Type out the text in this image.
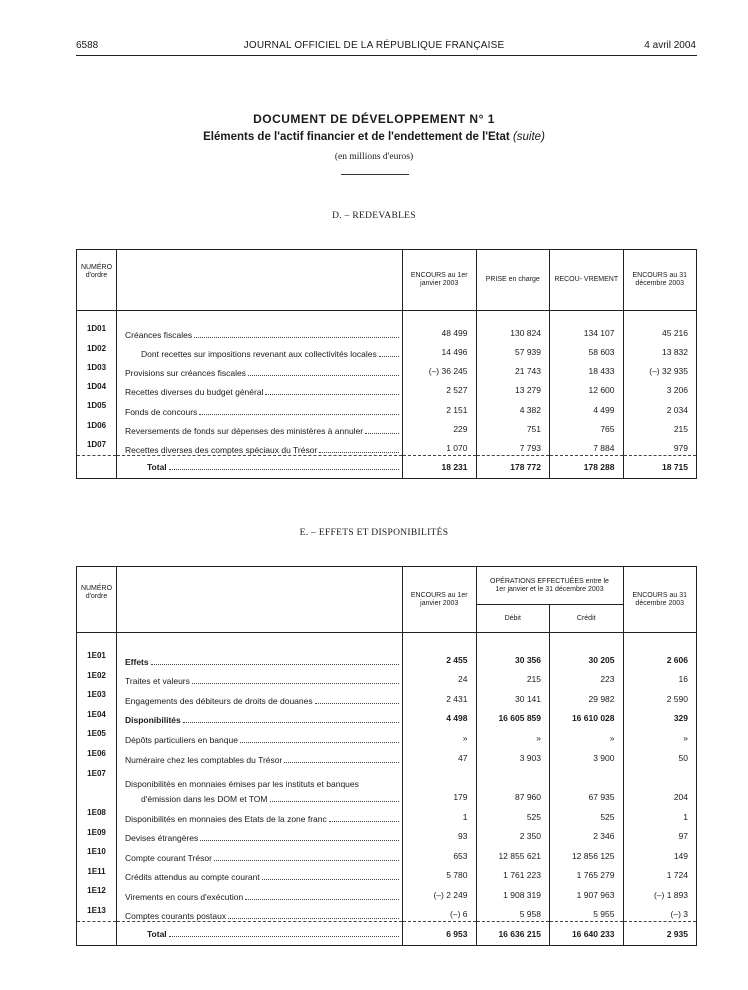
6588	JOURNAL OFFICIEL DE LA RÉPUBLIQUE FRANÇAISE	4 avril 2004
DOCUMENT DE DÉVELOPPEMENT N° 1
Eléments de l'actif financier et de l'endettement de l'Etat (suite)
(en millions d'euros)
D. – REDEVABLES
NUMÉRO d'ordre		ENCOURS au 1er janvier 2003	PRISE en charge	RECOU- VREMENT	ENCOURS au 31 décembre 2003

1D01	Créances fiscales	48 499	130 824	134 107	45 216
1D02	Dont recettes sur impositions revenant aux collectivités locales	14 496	57 939	58 603	13 832
1D03	Provisions sur créances fiscales	(–) 36 245	21 743	18 433	(–) 32 935
1D04	Recettes diverses du budget général	2 527	13 279	12 600	3 206
1D05	Fonds de concours	2 151	4 382	4 499	2 034
1D06	Reversements de fonds sur dépenses des ministères à annuler	229	751	765	215
1D07	Recettes diverses des comptes spéciaux du Trésor	1 070	7 793	7 884	979

	Total	18 231	178 772	178 288	18 715
E. – EFFETS ET DISPONIBILITÉS
NUMÉRO d'ordre		ENCOURS au 1er janvier 2003	OPÉRATIONS EFFECTUÉES entre le 1er janvier et le 31 décembre 2003		ENCOURS au 31 décembre 2003
			Débit	Crédit	

1E01	Effets	2 455	30 356	30 205	2 606
1E02	Traites et valeurs	24	215	223	16
1E03	Engagements des débiteurs de droits de douanes	2 431	30 141	29 982	2 590
1E04	Disponibilités	4 498	16 605 859	16 610 028	329
1E05	Dépôts particuliers en banque	»	»	»	»
1E06	Numéraire chez les comptables du Trésor	47	3 903	3 900	50
1E07	Disponibilités en monnaies émises par les instituts et banques
d'émission dans les DOM et TOM	179	87 960	67 935	204
1E08	Disponibilités en monnaies des Etats de la zone franc	1	525	525	1
1E09	Devises étrangères	93	2 350	2 346	97
1E10	Compte courant Trésor	653	12 855 621	12 856 125	149
1E11	Crédits attendus au compte courant	5 780	1 761 223	1 765 279	1 724
1E12	Virements en cours d'exécution	(–) 2 249	1 908 319	1 907 963	(–) 1 893
1E13	Comptes courants postaux	(–) 6	5 958	5 955	(–) 3

	Total	6 953	16 636 215	16 640 233	2 935
